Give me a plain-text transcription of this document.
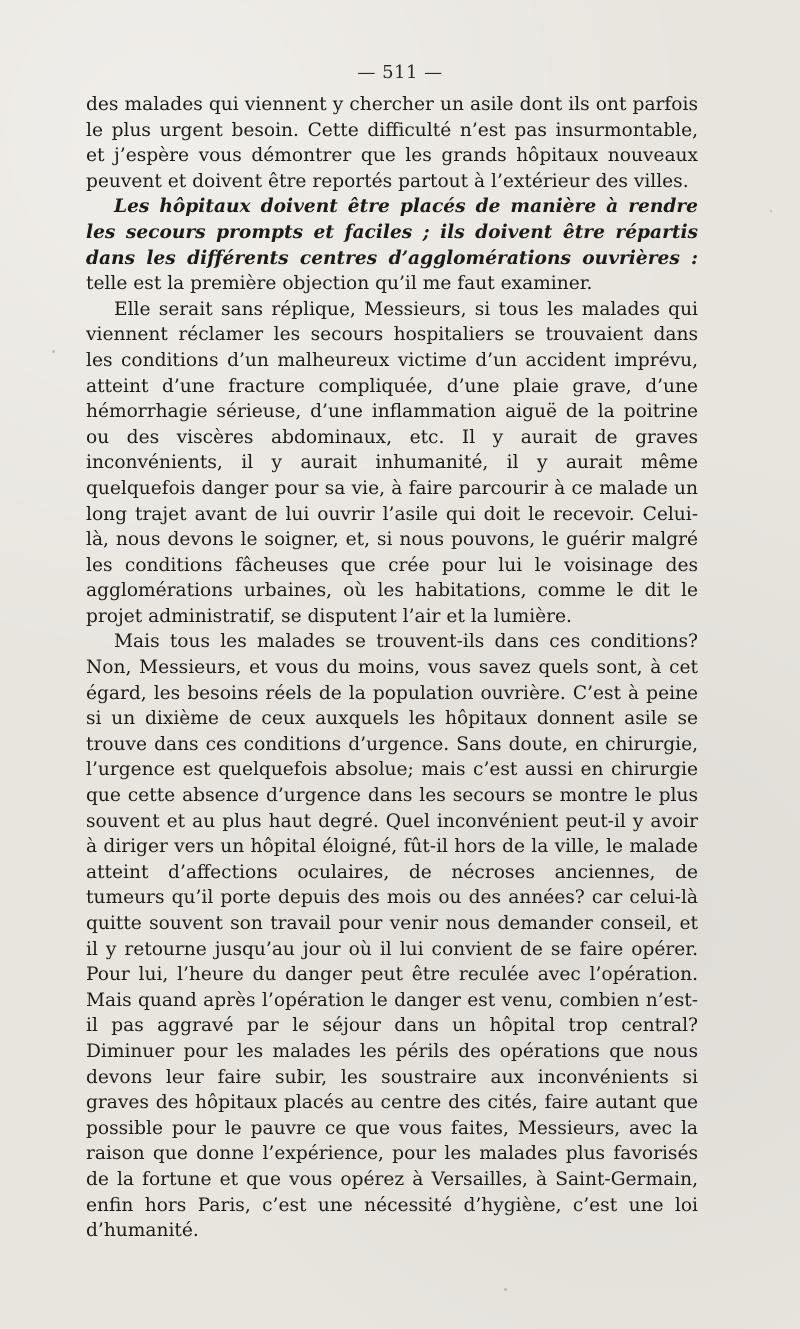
— 511 —

des malades qui viennent y chercher un asile dont ils ont parfois le plus urgent besoin. Cette difficulté n’est pas insurmontable, et j’espère vous démontrer que les grands hôpitaux nouveaux peuvent et doivent être reportés partout à l’extérieur des villes.

Les hôpitaux doivent être placés de manière à rendre les secours prompts et faciles ; ils doivent être répartis dans les différents centres d’agglomérations ouvrières : telle est la première objection qu’il me faut examiner.

Elle serait sans réplique, Messieurs, si tous les malades qui viennent réclamer les secours hospitaliers se trouvaient dans les conditions d’un malheureux victime d’un accident imprévu, atteint d’une fracture compliquée, d’une plaie grave, d’une hémorrhagie sérieuse, d’une inflammation aiguë de la poitrine ou des viscères abdominaux, etc. Il y aurait de graves inconvénients, il y aurait inhumanité, il y aurait même quelquefois danger pour sa vie, à faire parcourir à ce malade un long trajet avant de lui ouvrir l’asile qui doit le recevoir. Celui-là, nous devons le soigner, et, si nous pouvons, le guérir malgré les conditions fâcheuses que crée pour lui le voisinage des agglomérations urbaines, où les habitations, comme le dit le projet administratif, se disputent l’air et la lumière.

Mais tous les malades se trouvent-ils dans ces conditions? Non, Messieurs, et vous du moins, vous savez quels sont, à cet égard, les besoins réels de la population ouvrière. C’est à peine si un dixième de ceux auxquels les hôpitaux donnent asile se trouve dans ces conditions d’urgence. Sans doute, en chirurgie, l’urgence est quelquefois absolue; mais c’est aussi en chirurgie que cette absence d’urgence dans les secours se montre le plus souvent et au plus haut degré. Quel inconvénient peut-il y avoir à diriger vers un hôpital éloigné, fût-il hors de la ville, le malade atteint d’affections oculaires, de nécroses anciennes, de tumeurs qu’il porte depuis des mois ou des années? car celui-là quitte souvent son travail pour venir nous demander conseil, et il y retourne jusqu’au jour où il lui convient de se faire opérer. Pour lui, l’heure du danger peut être reculée avec l’opération. Mais quand après l’opération le danger est venu, combien n’est-il pas aggravé par le séjour dans un hôpital trop central? Diminuer pour les malades les périls des opérations que nous devons leur faire subir, les soustraire aux inconvénients si graves des hôpitaux placés au centre des cités, faire autant que possible pour le pauvre ce que vous faites, Messieurs, avec la raison que donne l’expérience, pour les malades plus favorisés de la fortune et que vous opérez à Versailles, à Saint-Germain, enfin hors Paris, c’est une nécessité d’hygiène, c’est une loi d’humanité.
